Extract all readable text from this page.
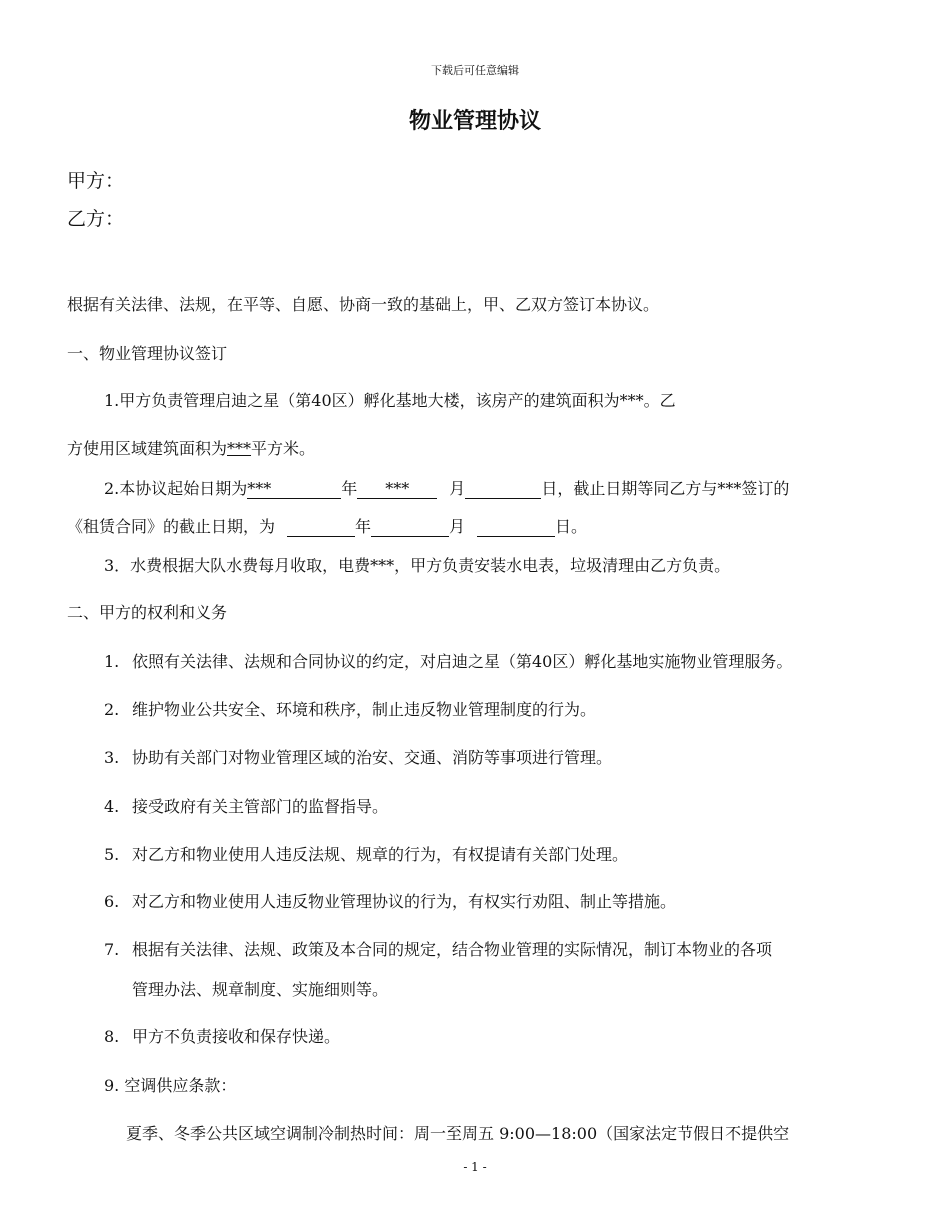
下载后可任意编辑
物业管理协议
甲方：
乙方：
根据有关法律、法规，在平等、自愿、协商一致的基础上，甲、乙双方签订本协议。
一、物业管理协议签订
1.甲方负责管理启迪之星（第40区）孵化基地大楼，该房产的建筑面积为***。乙
方使用区域建筑面积为***平方米。
2.本协议起始日期为***	年 ***	月	日，截止日期等同乙方与***签订的
《租赁合同》的截止日期，为	年	月	日。
3．水费根据大队水费每月收取，电费***，甲方负责安装水电表，垃圾清理由乙方负责。
二、甲方的权利和义务
1. 依照有关法律、法规和合同协议的约定，对启迪之星（第40区）孵化基地实施物业管理服务。
2. 维护物业公共安全、环境和秩序，制止违反物业管理制度的行为。
3. 协助有关部门对物业管理区域的治安、交通、消防等事项进行管理。
4. 接受政府有关主管部门的监督指导。
5. 对乙方和物业使用人违反法规、规章的行为，有权提请有关部门处理。
6. 对乙方和物业使用人违反物业管理协议的行为，有权实行劝阻、制止等措施。
7. 根据有关法律、法规、政策及本合同的规定，结合物业管理的实际情况，制订本物业的各项
管理办法、规章制度、实施细则等。
8. 甲方不负责接收和保存快递。
9. 空调供应条款：
夏季、冬季公共区域空调制冷制热时间：周一至周五 9:00—18:00（国家法定节假日不提供空
- 1 -
